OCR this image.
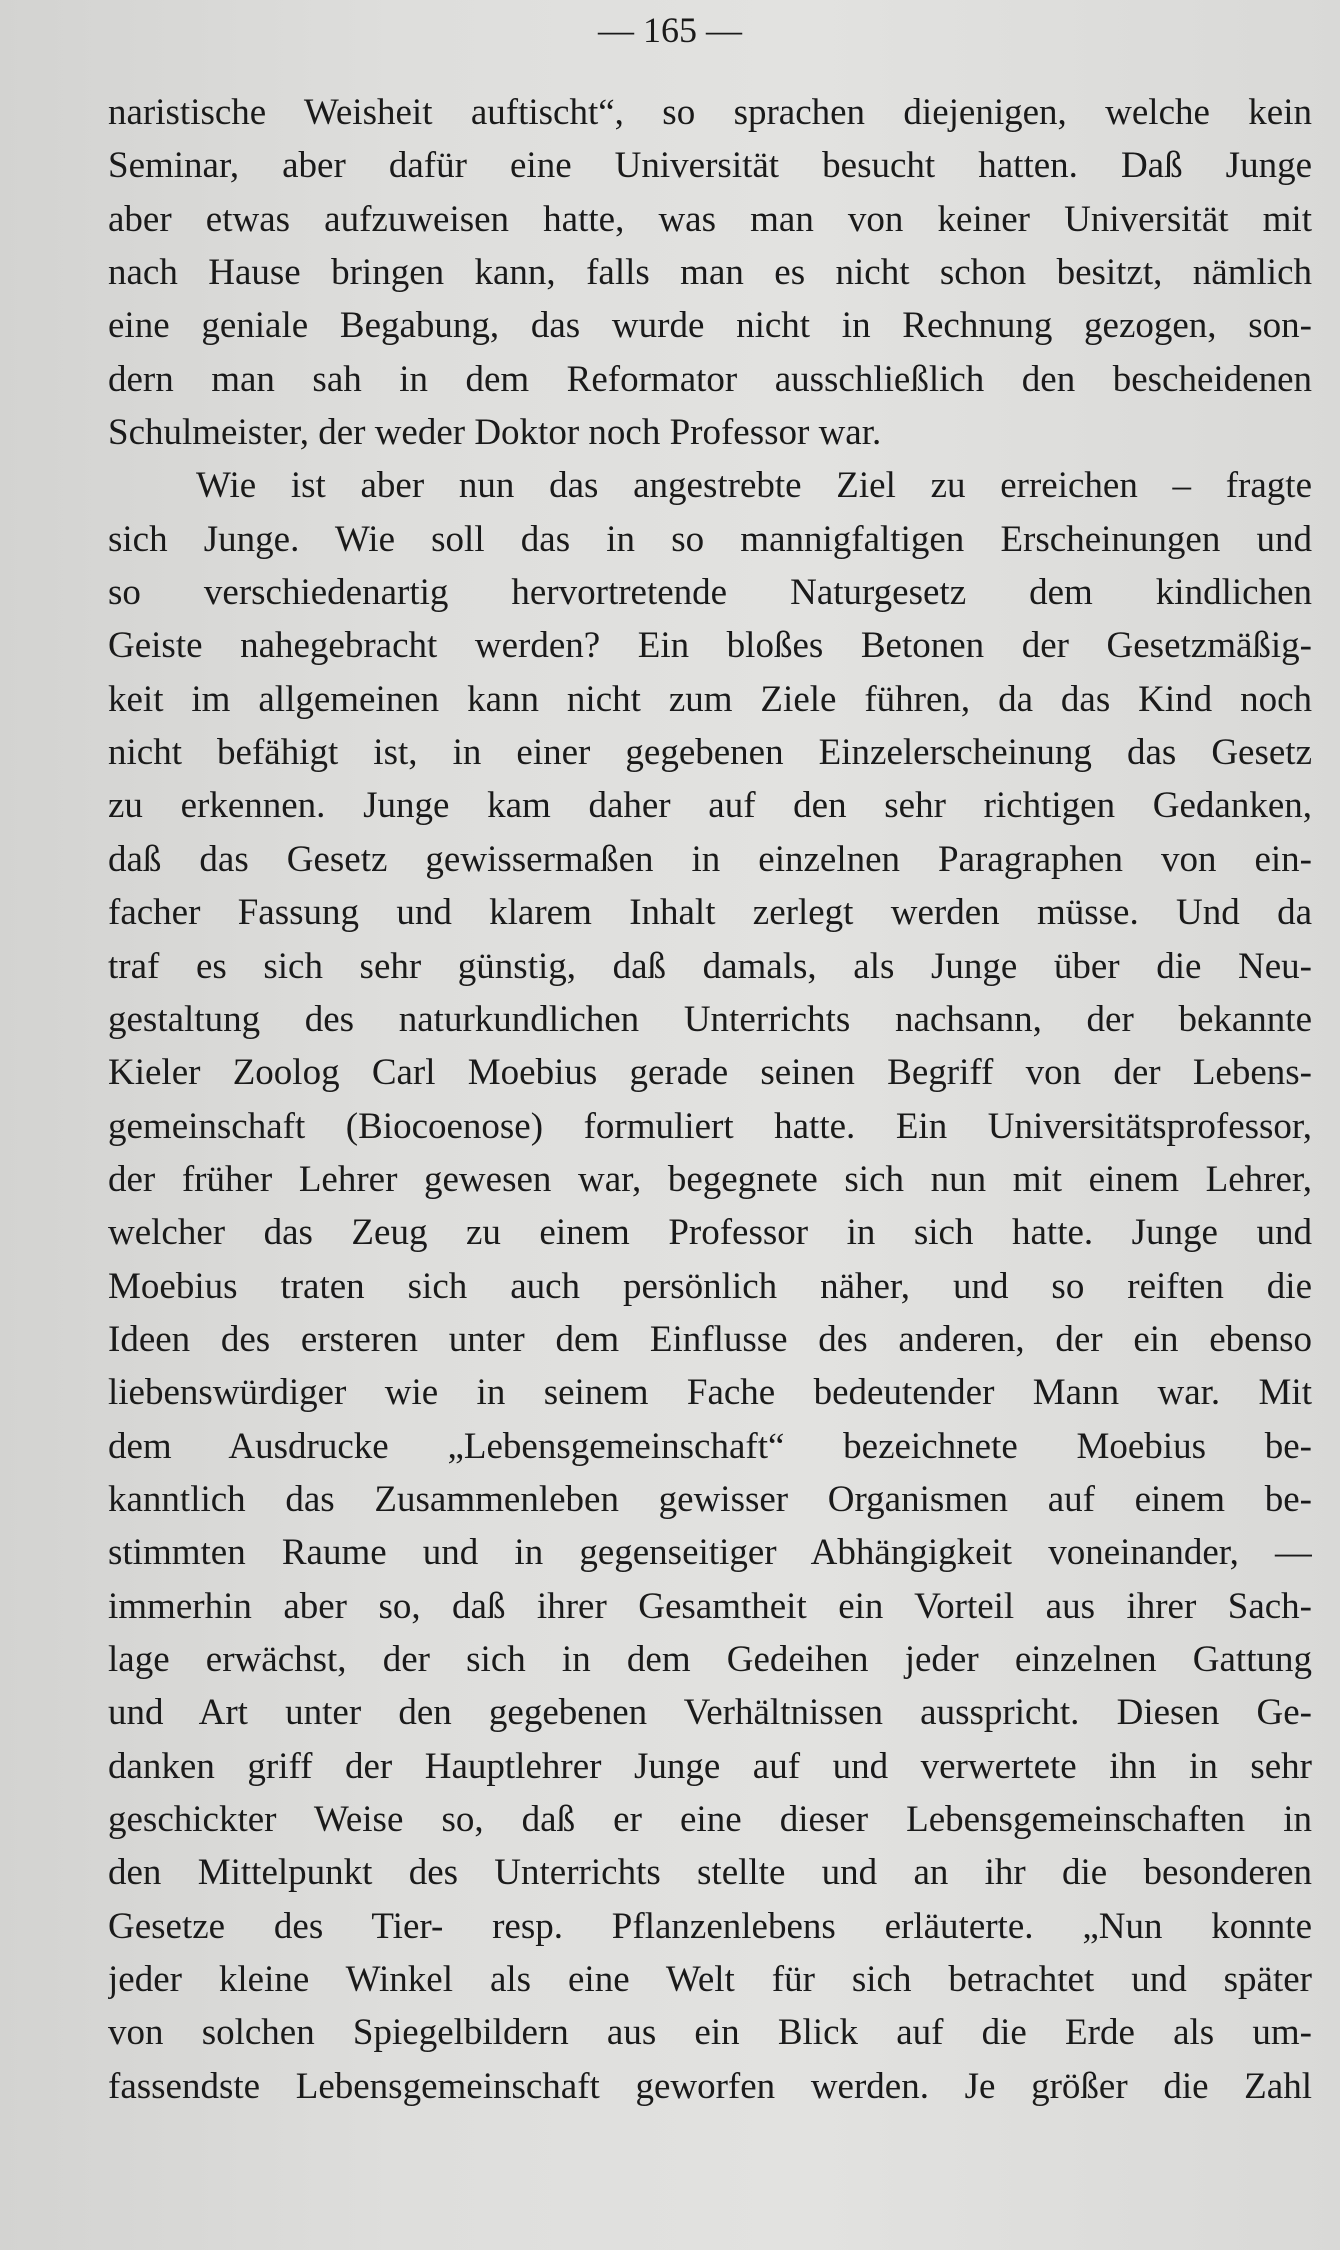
— 165 —
naristische Weisheit auftischt“, so sprachen diejenigen, welche kein
Seminar, aber dafür eine Universität besucht hatten. Daß Junge
aber etwas aufzuweisen hatte, was man von keiner Universität mit
nach Hause bringen kann, falls man es nicht schon besitzt, nämlich
eine geniale Begabung, das wurde nicht in Rechnung gezogen, son-
dern man sah in dem Reformator ausschließlich den bescheidenen
Schulmeister, der weder Doktor noch Professor war.
Wie ist aber nun das angestrebte Ziel zu erreichen – fragte
sich Junge. Wie soll das in so mannigfaltigen Erscheinungen und
so verschiedenartig hervortretende Naturgesetz dem kindlichen
Geiste nahegebracht werden? Ein bloßes Betonen der Gesetzmäßig-
keit im allgemeinen kann nicht zum Ziele führen, da das Kind noch
nicht befähigt ist, in einer gegebenen Einzelerscheinung das Gesetz
zu erkennen. Junge kam daher auf den sehr richtigen Gedanken,
daß das Gesetz gewissermaßen in einzelnen Paragraphen von ein-
facher Fassung und klarem Inhalt zerlegt werden müsse. Und da
traf es sich sehr günstig, daß damals, als Junge über die Neu-
gestaltung des naturkundlichen Unterrichts nachsann, der bekannte
Kieler Zoolog Carl Moebius gerade seinen Begriff von der Lebens-
gemeinschaft (Biocoenose) formuliert hatte. Ein Universitätsprofessor,
der früher Lehrer gewesen war, begegnete sich nun mit einem Lehrer,
welcher das Zeug zu einem Professor in sich hatte. Junge und
Moebius traten sich auch persönlich näher, und so reiften die
Ideen des ersteren unter dem Einflusse des anderen, der ein ebenso
liebenswürdiger wie in seinem Fache bedeutender Mann war. Mit
dem Ausdrucke „Lebensgemeinschaft“ bezeichnete Moebius be-
kanntlich das Zusammenleben gewisser Organismen auf einem be-
stimmten Raume und in gegenseitiger Abhängigkeit voneinander, —
immerhin aber so, daß ihrer Gesamtheit ein Vorteil aus ihrer Sach-
lage erwächst, der sich in dem Gedeihen jeder einzelnen Gattung
und Art unter den gegebenen Verhältnissen ausspricht. Diesen Ge-
danken griff der Hauptlehrer Junge auf und verwertete ihn in sehr
geschickter Weise so, daß er eine dieser Lebensgemeinschaften in
den Mittelpunkt des Unterrichts stellte und an ihr die besonderen
Gesetze des Tier- resp. Pflanzenlebens erläuterte. „Nun konnte
jeder kleine Winkel als eine Welt für sich betrachtet und später
von solchen Spiegelbildern aus ein Blick auf die Erde als um-
fassendste Lebensgemeinschaft geworfen werden. Je größer die Zahl
